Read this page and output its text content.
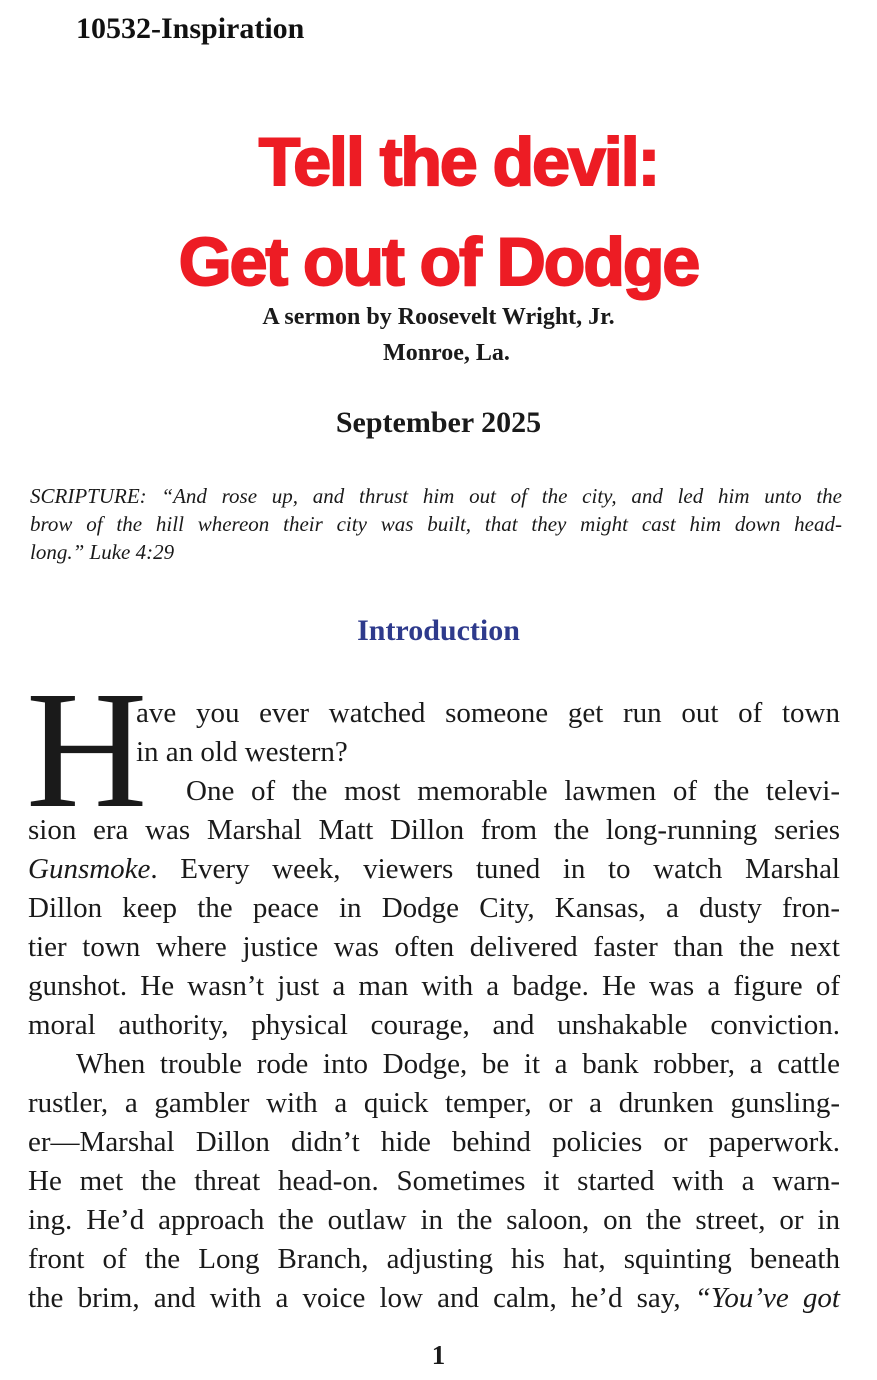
10532-Inspiration
Tell the devil:
Get out of Dodge
A sermon by Roosevelt Wright, Jr.
Monroe, La.
September 2025
SCRIPTURE: “And rose up, and thrust him out of the city, and led him unto the
brow of the hill whereon their city was built, that they might cast him down head-
long.” Luke 4:29
Introduction
H
ave you ever watched someone get run out of town
in an old western?
One of the most memorable lawmen of the televi-
sion era was Marshal Matt Dillon from the long-running series
Gunsmoke. Every week, viewers tuned in to watch Marshal
Dillon keep the peace in Dodge City, Kansas, a dusty fron-
tier town where justice was often delivered faster than the next
gunshot. He wasn’t just a man with a badge. He was a figure of
moral authority, physical courage, and unshakable conviction.
When trouble rode into Dodge, be it a bank robber, a cattle
rustler, a gambler with a quick temper, or a drunken gunsling-
er—Marshal Dillon didn’t hide behind policies or paperwork.
He met the threat head-on. Sometimes it started with a warn-
ing. He’d approach the outlaw in the saloon, on the street, or in
front of the Long Branch, adjusting his hat, squinting beneath
the brim, and with a voice low and calm, he’d say, “You’ve got
1
